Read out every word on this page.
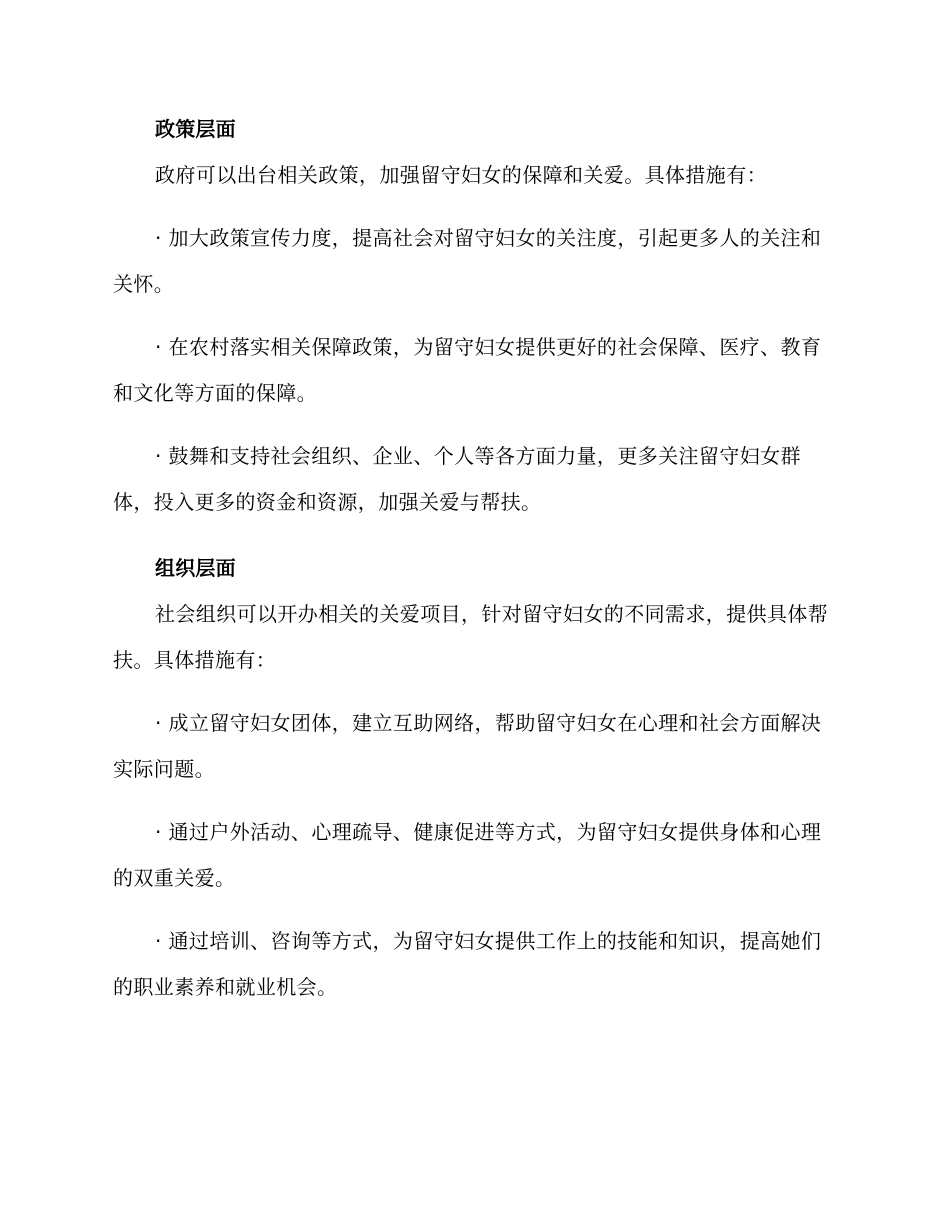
政策层面

政府可以出台相关政策，加强留守妇女的保障和关爱。具体措施有：

· 加大政策宣传力度，提高社会对留守妇女的关注度，引起更多人的关注和关怀。

· 在农村落实相关保障政策，为留守妇女提供更好的社会保障、医疗、教育和文化等方面的保障。

· 鼓舞和支持社会组织、企业、个人等各方面力量，更多关注留守妇女群体，投入更多的资金和资源，加强关爱与帮扶。

组织层面

社会组织可以开办相关的关爱项目，针对留守妇女的不同需求，提供具体帮扶。具体措施有：

· 成立留守妇女团体，建立互助网络，帮助留守妇女在心理和社会方面解决实际问题。

· 通过户外活动、心理疏导、健康促进等方式，为留守妇女提供身体和心理的双重关爱。

· 通过培训、咨询等方式，为留守妇女提供工作上的技能和知识，提高她们的职业素养和就业机会。
